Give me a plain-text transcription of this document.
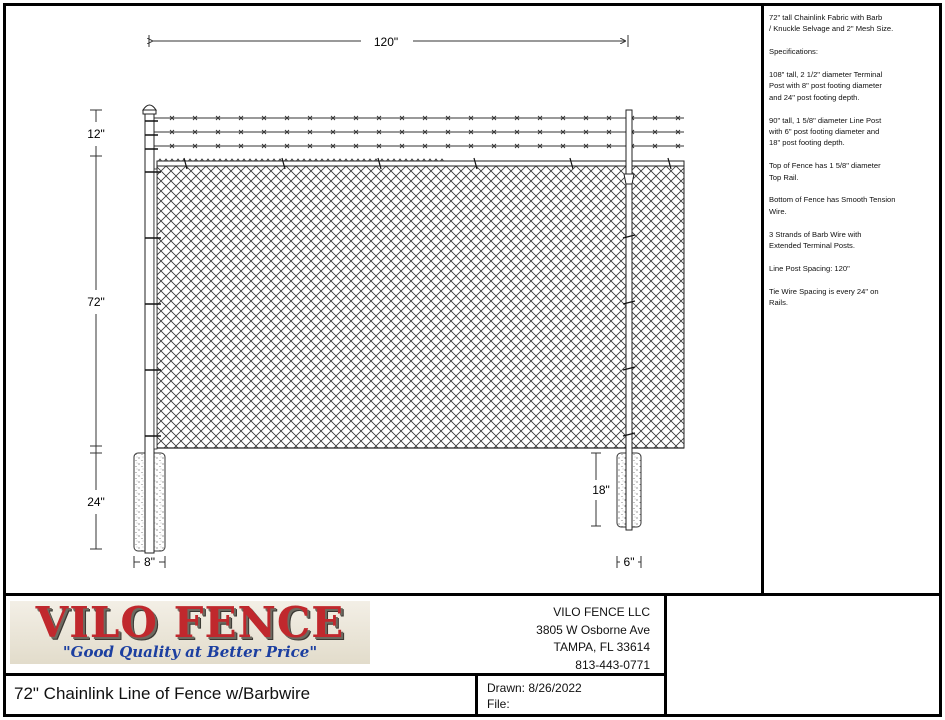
120"
12"
72"
24"
18"
8"	6"

72" tall Chainlink Fabric with Barb
/ Knuckle Selvage and 2" Mesh Size.

Specifications:

108" tall, 2 1/2" diameter Terminal
Post with 8" post footing diameter
and 24" post footing depth.

90" tall, 1 5/8" diameter Line Post
with 6" post footing diameter and
18" post footing depth.

Top of Fence has 1 5/8" diameter
Top Rail.

Bottom of Fence has Smooth Tension
Wire.

3 Strands of Barb Wire with
Extended Terminal Posts.

Line Post Spacing: 120"

Tie Wire Spacing is every 24" on
Rails.

VILO FENCE
"Good Quality at Better Price"
VILO FENCE LLC
3805 W Osborne Ave
TAMPA, FL 33614
813-443-0771
72" Chainlink Line of Fence w/Barbwire	Drawn: 8/26/2022
File:
